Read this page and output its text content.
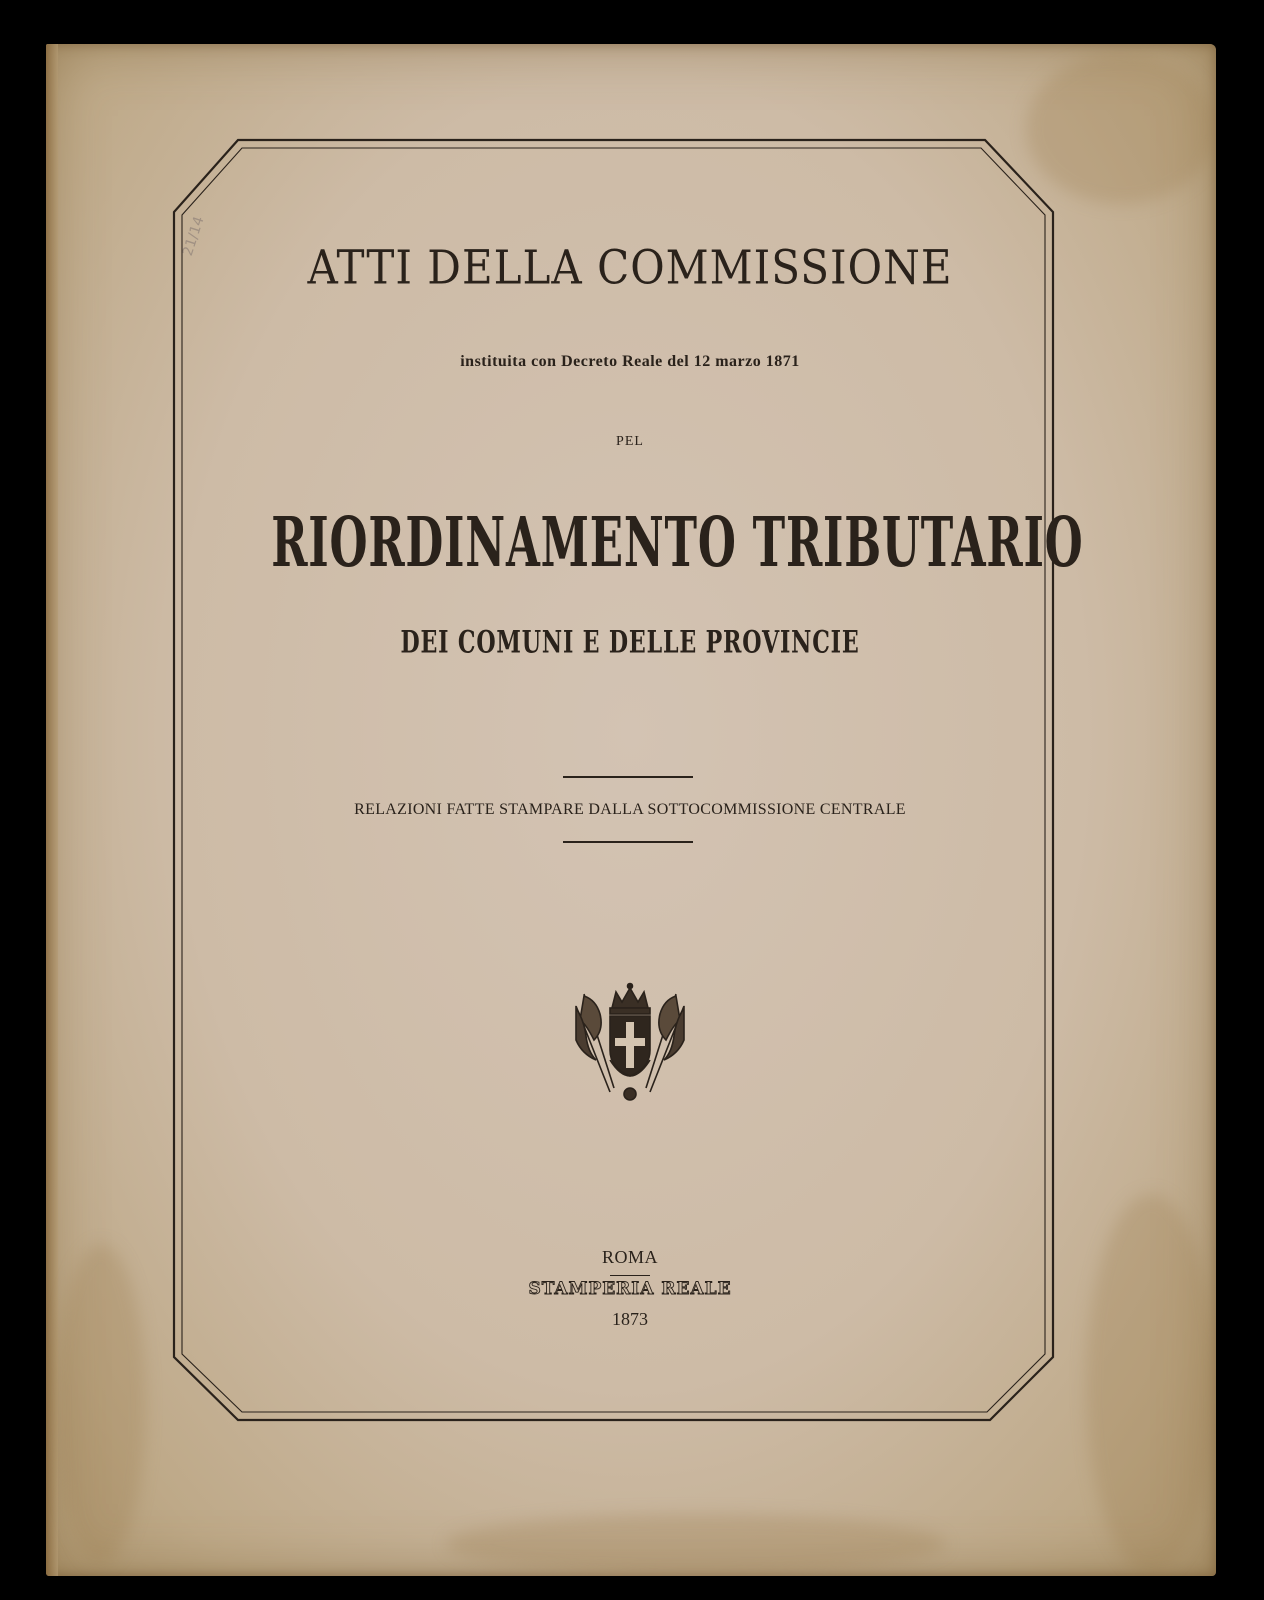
21/14
ATTI DELLA COMMISSIONE
instituita con Decreto Reale del 12 marzo 1871
PEL
RIORDINAMENTO TRIBUTARIO
DEI COMUNI E DELLE PROVINCIE
RELAZIONI FATTE STAMPARE DALLA SOTTOCOMMISSIONE CENTRALE
ROMA
STAMPERIA REALE
1873
